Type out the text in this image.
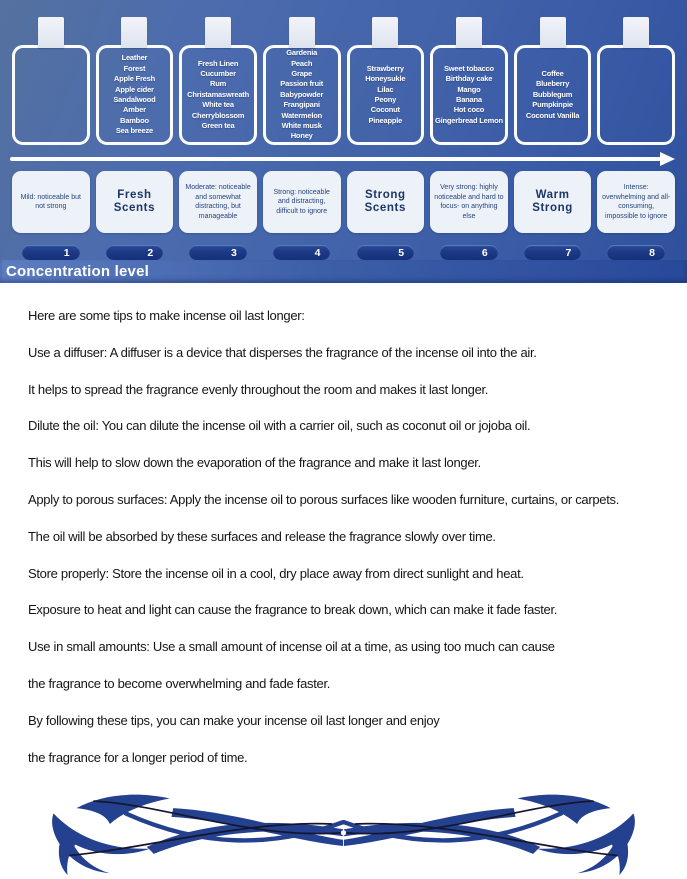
Leather
Forest
Apple Fresh
Apple cider
Sandalwood
Amber
Bamboo
Sea breeze
Fresh Linen
Cucumber
Rum
Christamaswreath
White tea
Cherryblossom
Green tea
Gardenia
Peach
Grape
Passion fruit
Babypowder
Frangipani
Watermelon
White musk
Honey
Strawberry
Honeysukle
Lilac
Peony
Coconut
Pineapple
Sweet tobacco
Birthday cake
Mango
Banana
Hot coco
Gingerbread Lemon
Coffee
Blueberry
Bubblegum
Pumpkinpie
Coconut Vanilla
Mild: noticeable but not strong
Fresh Scents
Moderate: noticeable and somewhat distracting, but manageable
Strong: noticeable and distracting, difficult to ignore
Strong Scents
Very strong: highly noticeable and hard to focus- on anything else
Warm Strong
Intense: overwhelming and all-consuming, impossible to ignore
1	2	3	4	5	6	7	8
Concentration level
Here are some tips to make incense oil last longer:
Use a diffuser: A diffuser is a device that disperses the fragrance of the incense oil into the air.
It helps to spread the fragrance evenly throughout the room and makes it last longer.
Dilute the oil: You can dilute the incense oil with a carrier oil, such as coconut oil or jojoba oil.
This will help to slow down the evaporation of the fragrance and make it last longer.
Apply to porous surfaces: Apply the incense oil to porous surfaces like wooden furniture, curtains, or carpets.
The oil will be absorbed by these surfaces and release the fragrance slowly over time.
Store properly: Store the incense oil in a cool, dry place away from direct sunlight and heat.
Exposure to heat and light can cause the fragrance to break down, which can make it fade faster.
Use in small amounts: Use a small amount of incense oil at a time, as using too much can cause
the fragrance to become overwhelming and fade faster.
By following these tips, you can make your incense oil last longer and enjoy
the fragrance for a longer period of time.
